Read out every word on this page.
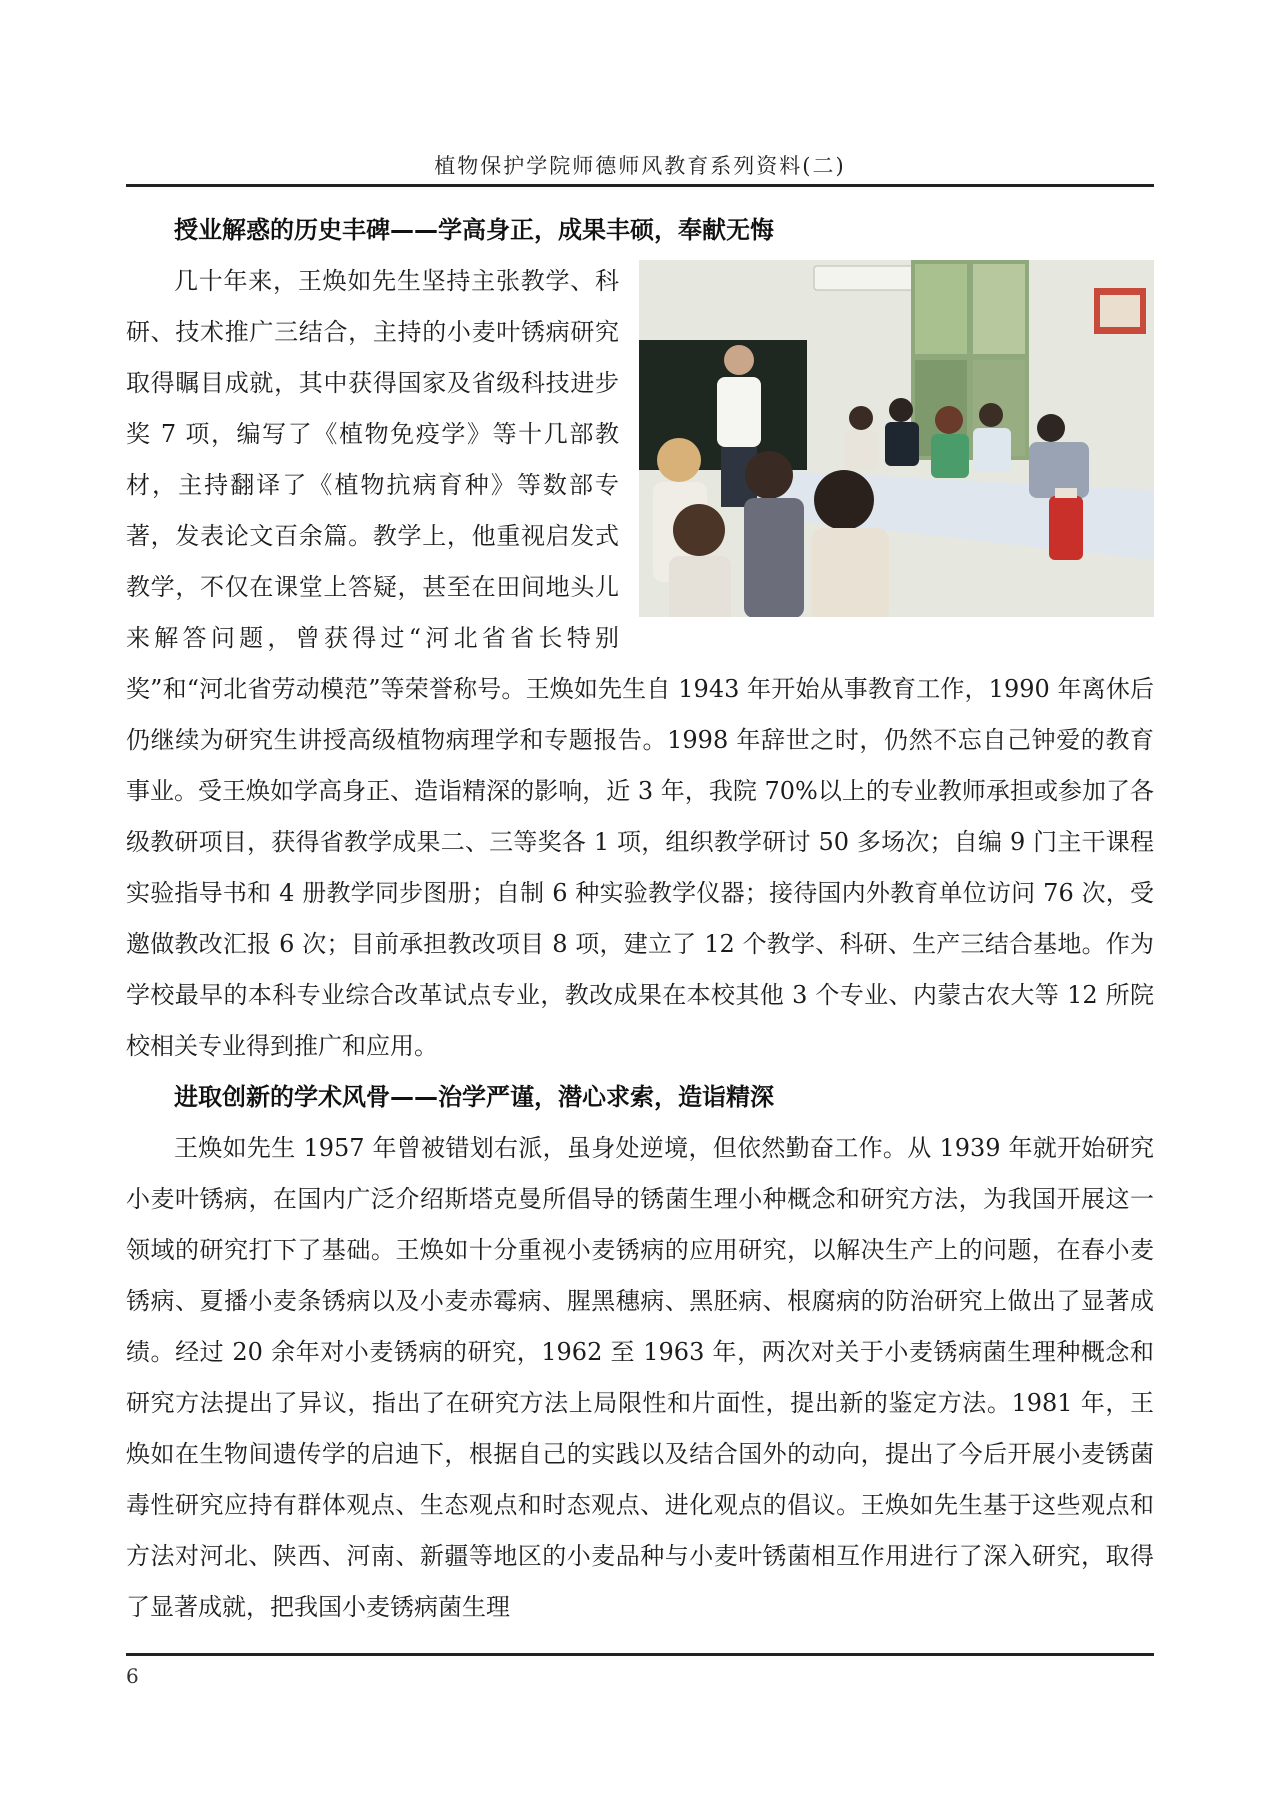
植物保护学院师德师风教育系列资料(二)
授业解惑的历史丰碑——学高身正，成果丰硕，奉献无悔

几十年来，王焕如先生坚持主张教学、科研、技术推广三结合，主持的小麦叶锈病研究取得瞩目成就，其中获得国家及省级科技进步奖 7 项，编写了《植物免疫学》等十几部教材，主持翻译了《植物抗病育种》等数部专著，发表论文百余篇。教学上，他重视启发式教学，不仅在课堂上答疑，甚至在田间地头儿来解答问题，曾获得过“河北省省长特别奖”和“河北省劳动模范”等荣誉称号。王焕如先生自 1943 年开始从事教育工作，1990 年离休后仍继续为研究生讲授高级植物病理学和专题报告。1998 年辞世之时，仍然不忘自己钟爱的教育事业。受王焕如学高身正、造诣精深的影响，近 3 年，我院 70%以上的专业教师承担或参加了各级教研项目，获得省教学成果二、三等奖各 1 项，组织教学研讨 50 多场次；自编 9 门主干课程实验指导书和 4 册教学同步图册；自制 6 种实验教学仪器；接待国内外教育单位访问 76 次，受邀做教改汇报 6 次；目前承担教改项目 8 项，建立了 12 个教学、科研、生产三结合基地。作为学校最早的本科专业综合改革试点专业，教改成果在本校其他 3 个专业、内蒙古农大等 12 所院校相关专业得到推广和应用。

进取创新的学术风骨——治学严谨，潜心求索，造诣精深

王焕如先生 1957 年曾被错划右派，虽身处逆境，但依然勤奋工作。从 1939 年就开始研究小麦叶锈病，在国内广泛介绍斯塔克曼所倡导的锈菌生理小种概念和研究方法，为我国开展这一领域的研究打下了基础。王焕如十分重视小麦锈病的应用研究，以解决生产上的问题，在春小麦锈病、夏播小麦条锈病以及小麦赤霉病、腥黑穗病、黑胚病、根腐病的防治研究上做出了显著成绩。经过 20 余年对小麦锈病的研究，1962 至 1963 年，两次对关于小麦锈病菌生理种概念和研究方法提出了异议，指出了在研究方法上局限性和片面性，提出新的鉴定方法。1981 年，王焕如在生物间遗传学的启迪下，根据自己的实践以及结合国外的动向，提出了今后开展小麦锈菌毒性研究应持有群体观点、生态观点和时态观点、进化观点的倡议。王焕如先生基于这些观点和方法对河北、陕西、河南、新疆等地区的小麦品种与小麦叶锈菌相互作用进行了深入研究，取得了显著成就，把我国小麦锈病菌生理

6
